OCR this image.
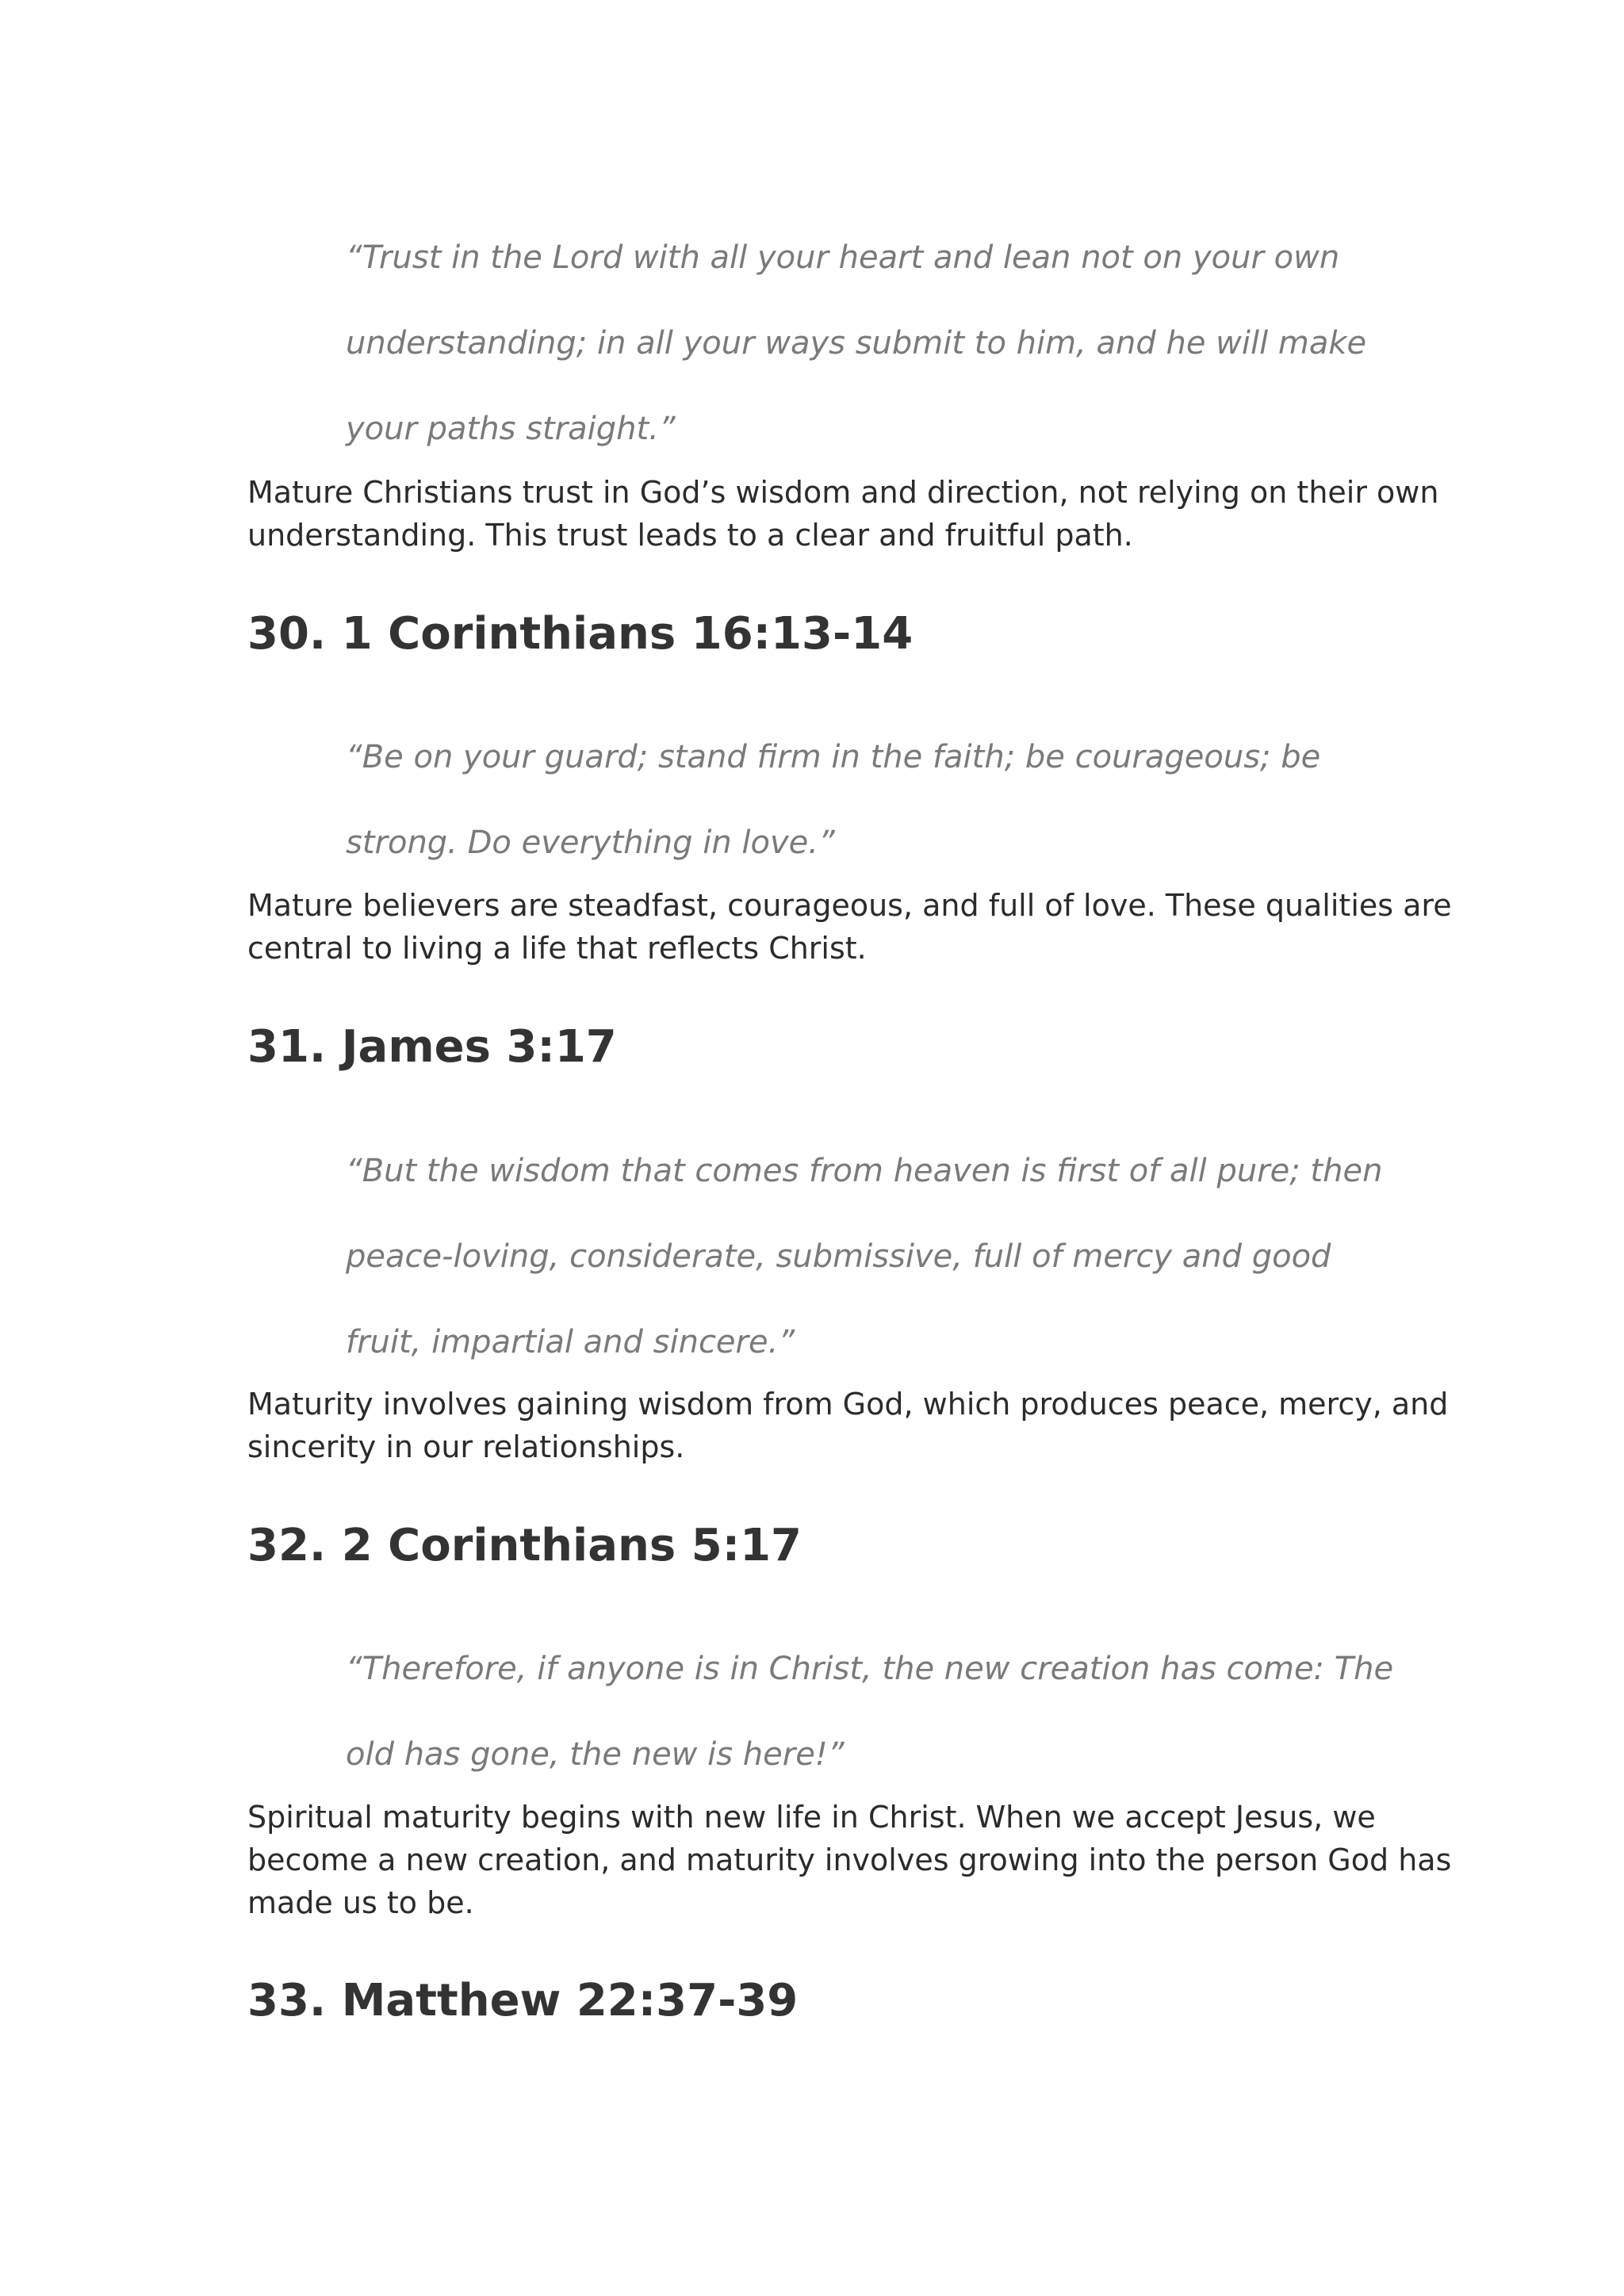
“Trust in the Lord with all your heart and lean not on your own
understanding; in all your ways submit to him, and he will make
your paths straight.”

Mature Christians trust in God’s wisdom and direction, not relying on their own
understanding. This trust leads to a clear and fruitful path.

30. 1 Corinthians 16:13-14
“Be on your guard; stand firm in the faith; be courageous; be
strong. Do everything in love.”

Mature believers are steadfast, courageous, and full of love. These qualities are
central to living a life that reflects Christ.

31. James 3:17
“But the wisdom that comes from heaven is first of all pure; then
peace-loving, considerate, submissive, full of mercy and good
fruit, impartial and sincere.”

Maturity involves gaining wisdom from God, which produces peace, mercy, and
sincerity in our relationships.

32. 2 Corinthians 5:17
“Therefore, if anyone is in Christ, the new creation has come: The
old has gone, the new is here!”

Spiritual maturity begins with new life in Christ. When we accept Jesus, we
become a new creation, and maturity involves growing into the person God has
made us to be.

33. Matthew 22:37-39
